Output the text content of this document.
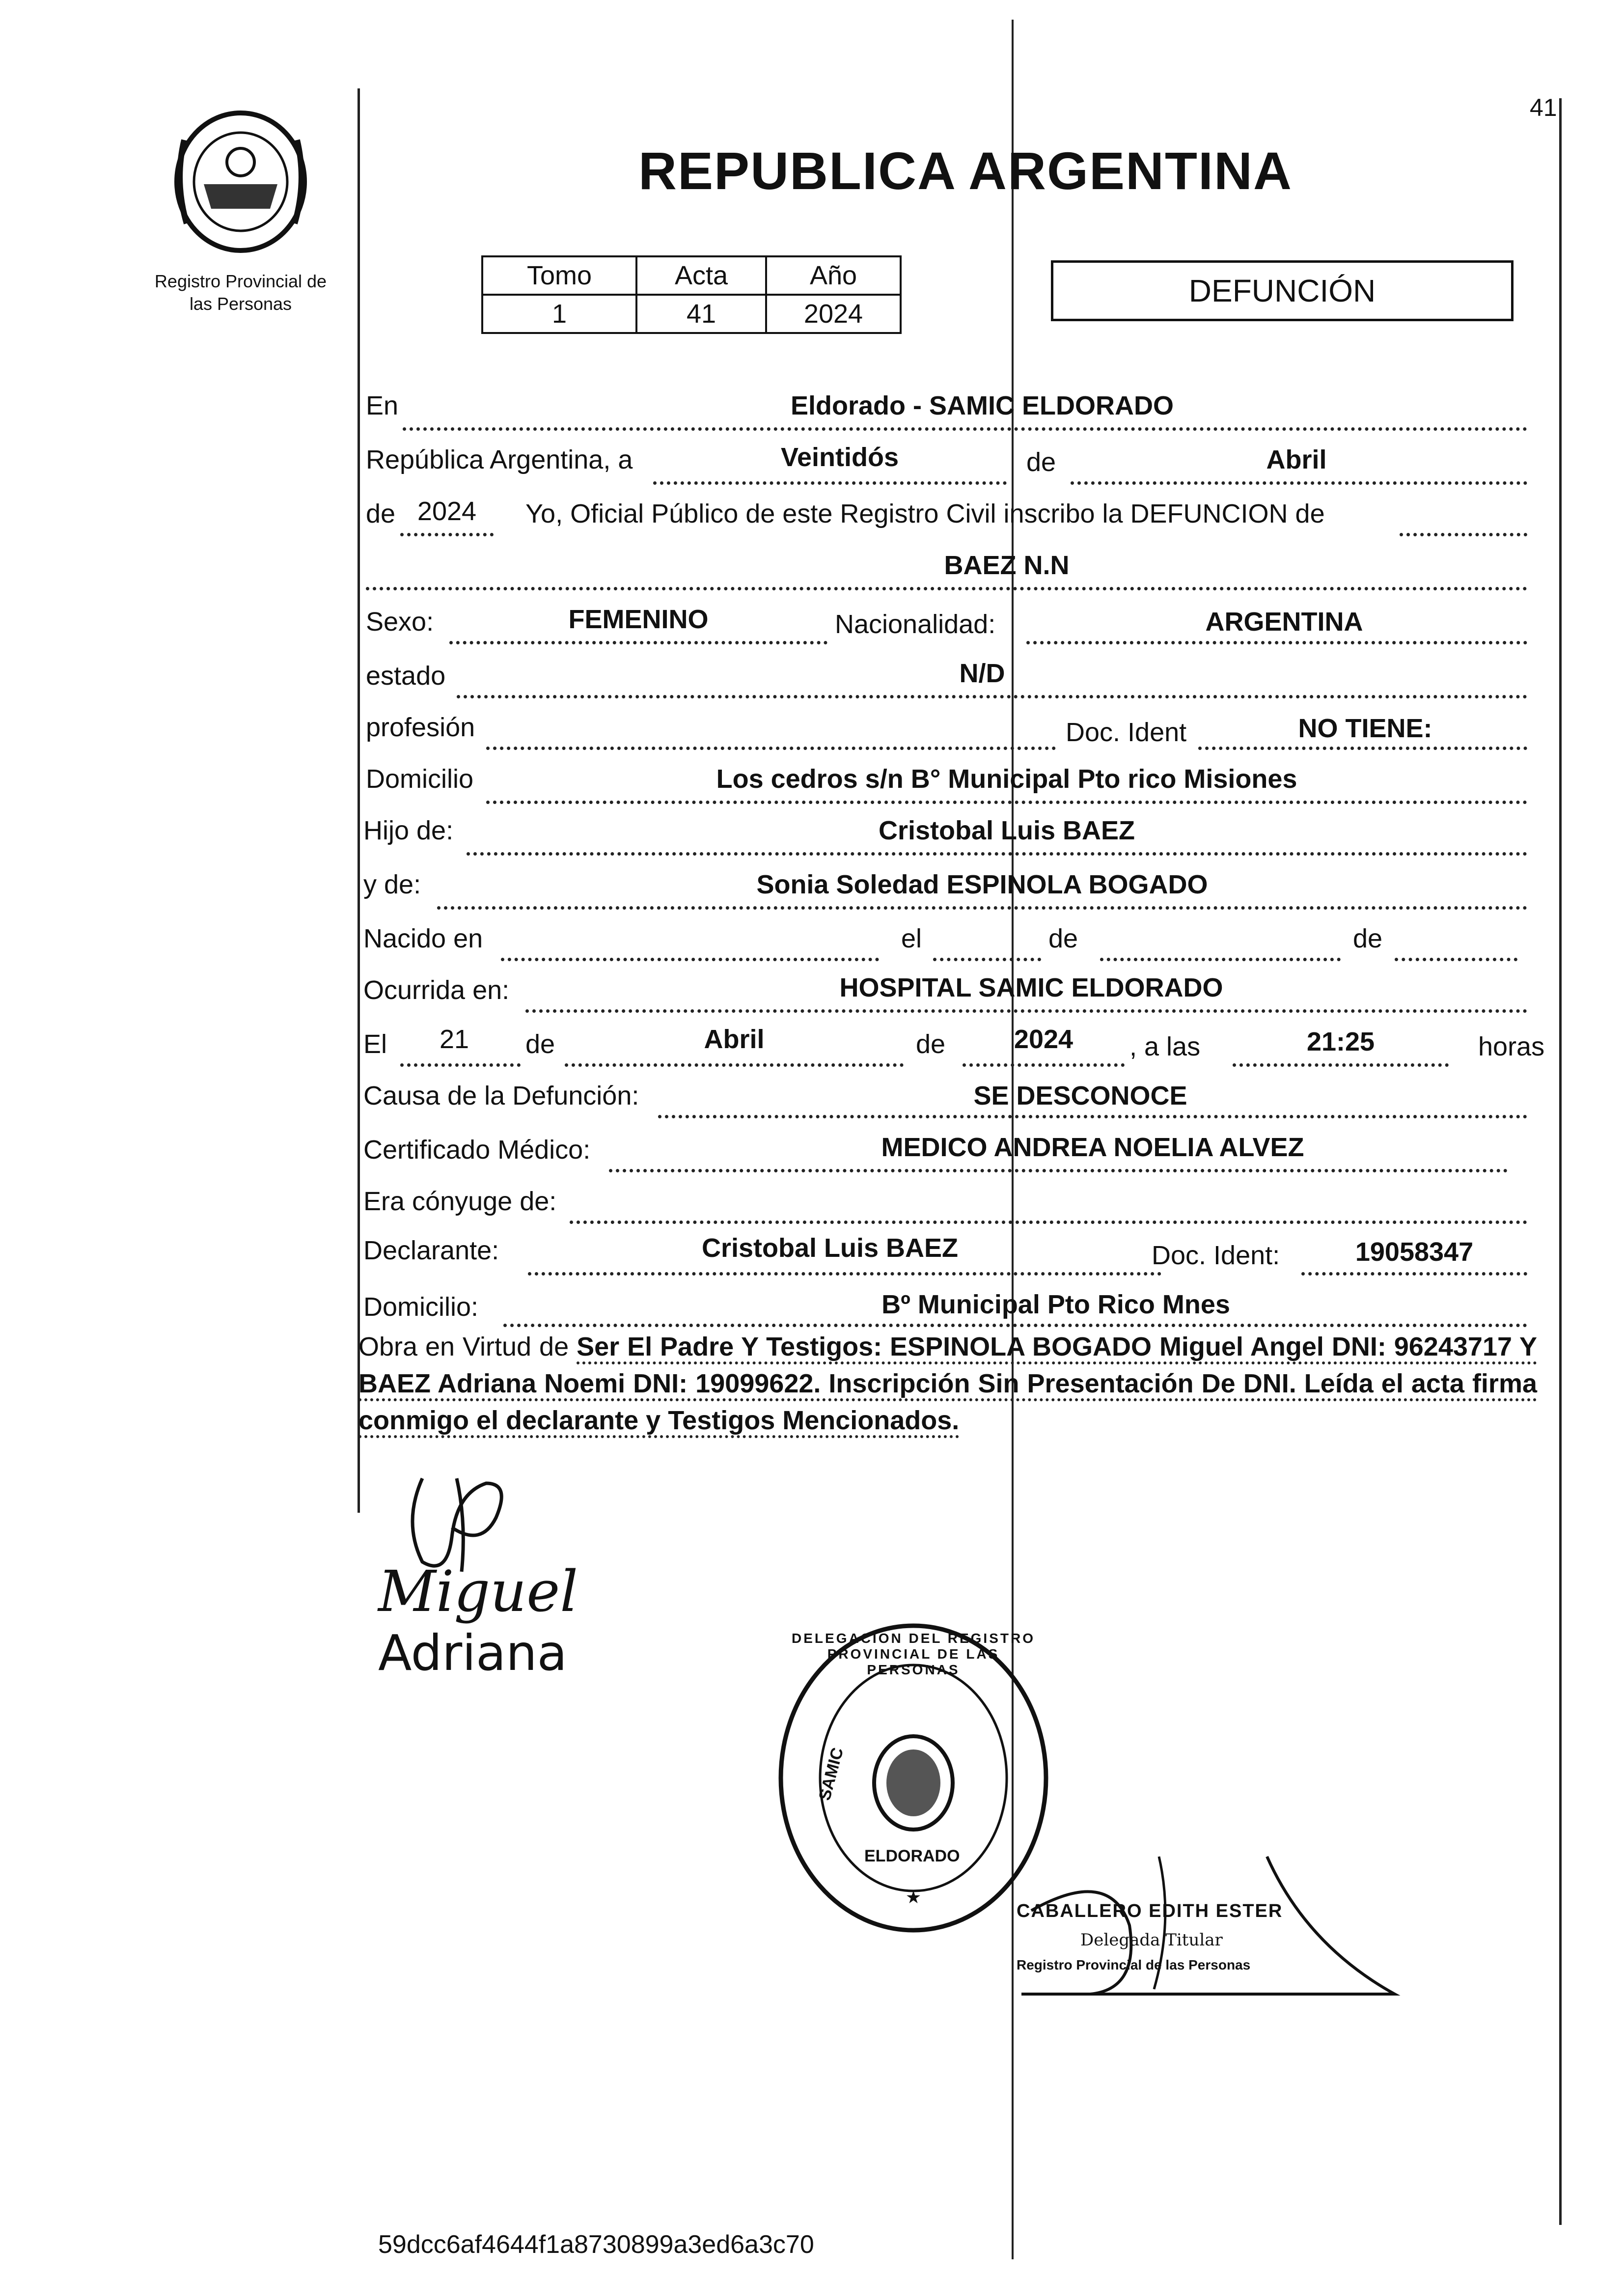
41
Registro Provincial de
las Personas
REPUBLICA ARGENTINA
Tomo	Acta	Año
1	41	2024
DEFUNCIÓN
En	Eldorado - SAMIC ELDORADO
República Argentina, a	Veintidós	de	Abril
de 2024	Yo, Oficial Público de este Registro Civil inscribo la DEFUNCION de
BAEZ N.N
Sexo:	FEMENINO	Nacionalidad:	ARGENTINA
estado	N/D
profesión	Doc. Ident	NO TIENE:
Domicilio	Los cedros s/n B° Municipal Pto rico Misiones
Hijo de:	Cristobal Luis BAEZ
y de:	Sonia Soledad ESPINOLA BOGADO
Nacido en	el	de	de
Ocurrida en:	HOSPITAL SAMIC ELDORADO
El	21	de	Abril	de	2024	, a las	21:25	horas
Causa de la Defunción:	SE DESCONOCE
Certificado Médico:	MEDICO ANDREA NOELIA ALVEZ
Era cónyuge de:
Declarante:	Cristobal Luis BAEZ	Doc. Ident:	19058347
Domicilio:	Bº Municipal Pto Rico Mnes
Obra en Virtud de Ser El Padre Y Testigos: ESPINOLA BOGADO Miguel Angel DNI: 96243717 Y BAEZ Adriana Noemi DNI: 19099622. Inscripción Sin Presentación De DNI. Leída el acta firma conmigo el declarante y Testigos Mencionados.
Miguel
Adriana
★
SAMIC
ELDORADO
DELEGACION DEL REGISTRO PROVINCIAL DE LAS PERSONAS
CABALLERO EDITH ESTER
Delegada Titular
Registro Provincial de las Personas
59dcc6af4644f1a8730899a3ed6a3c70
